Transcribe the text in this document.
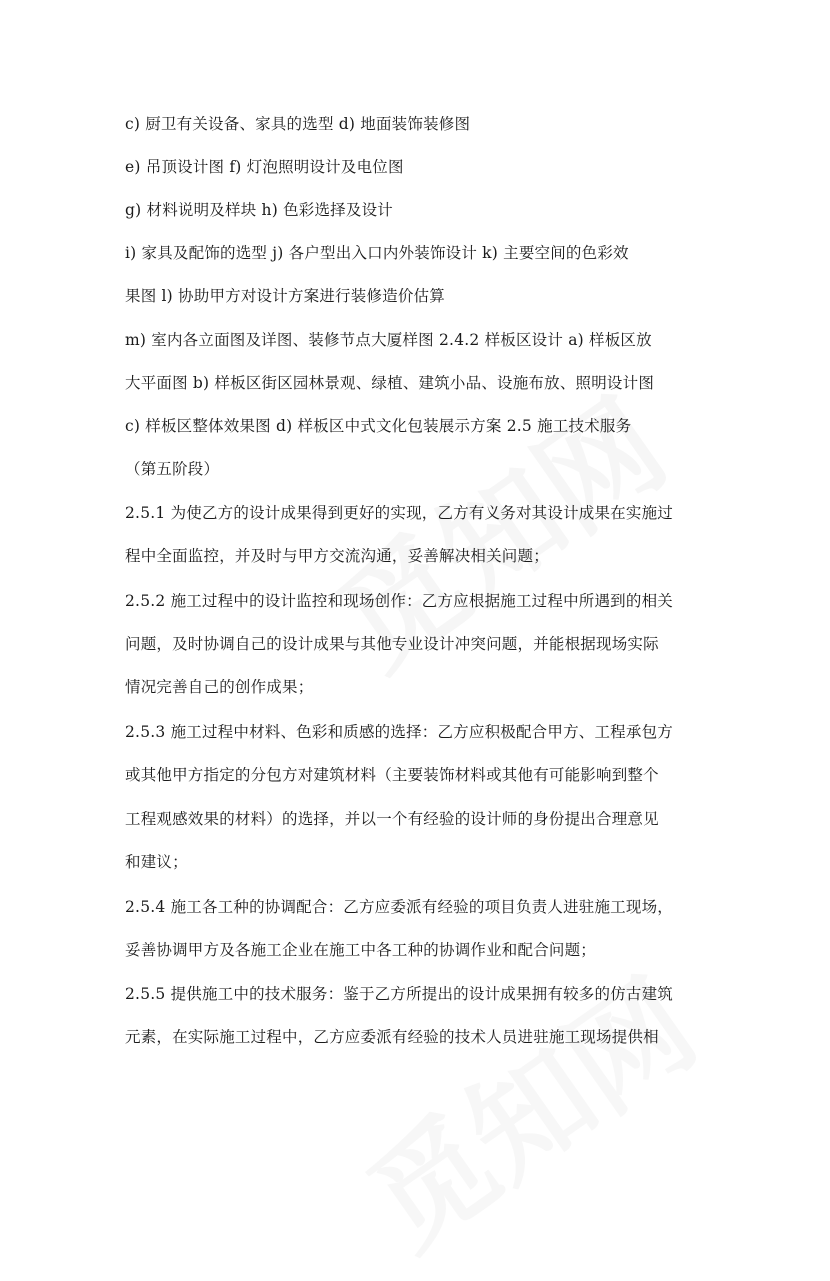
c) 厨卫有关设备、家具的选型 d) 地面装饰装修图
e) 吊顶设计图 f) 灯泡照明设计及电位图
g) 材料说明及样块 h) 色彩选择及设计
i) 家具及配饰的选型 j) 各户型出入口内外装饰设计 k) 主要空间的色彩效
果图 l) 协助甲方对设计方案进行装修造价估算
m) 室内各立面图及详图、装修节点大厦样图 2.4.2 样板区设计 a) 样板区放
大平面图 b) 样板区街区园林景观、绿植、建筑小品、设施布放、照明设计图
c) 样板区整体效果图 d) 样板区中式文化包装展示方案 2.5 施工技术服务
（第五阶段）
2.5.1 为使乙方的设计成果得到更好的实现，乙方有义务对其设计成果在实施过
程中全面监控，并及时与甲方交流沟通，妥善解决相关问题；
2.5.2 施工过程中的设计监控和现场创作：乙方应根据施工过程中所遇到的相关
问题，及时协调自己的设计成果与其他专业设计冲突问题，并能根据现场实际
情况完善自己的创作成果；
2.5.3 施工过程中材料、色彩和质感的选择：乙方应积极配合甲方、工程承包方
或其他甲方指定的分包方对建筑材料（主要装饰材料或其他有可能影响到整个
工程观感效果的材料）的选择，并以一个有经验的设计师的身份提出合理意见
和建议；
2.5.4 施工各工种的协调配合：乙方应委派有经验的项目负责人进驻施工现场，
妥善协调甲方及各施工企业在施工中各工种的协调作业和配合问题；
2.5.5 提供施工中的技术服务：鉴于乙方所提出的设计成果拥有较多的仿古建筑
元素，在实际施工过程中，乙方应委派有经验的技术人员进驻施工现场提供相
